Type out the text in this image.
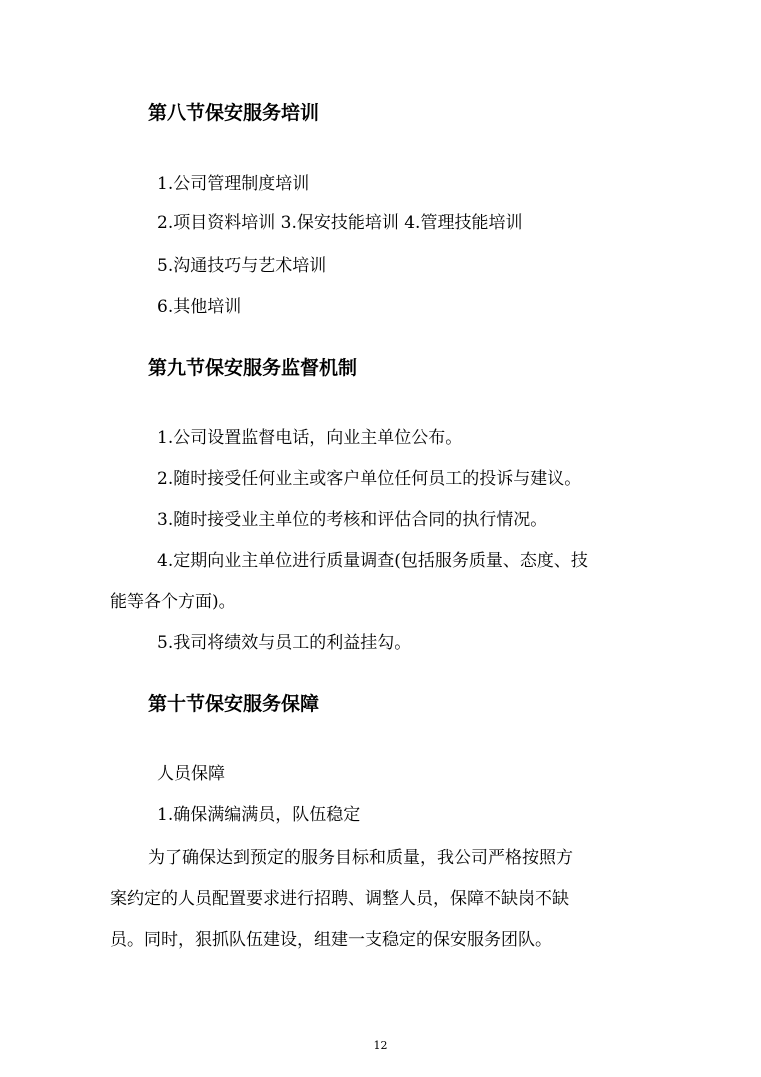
第八节保安服务培训
1.公司管理制度培训
2.项目资料培训 3.保安技能培训 4.管理技能培训
5.沟通技巧与艺术培训
6.其他培训
第九节保安服务监督机制
1.公司设置监督电话，向业主单位公布。
2.随时接受任何业主或客户单位任何员工的投诉与建议。
3.随时接受业主单位的考核和评估合同的执行情况。
4.定期向业主单位进行质量调查(包括服务质量、态度、技
能等各个方面)。
5.我司将绩效与员工的利益挂勾。
第十节保安服务保障
人员保障
1.确保满编满员，队伍稳定
为了确保达到预定的服务目标和质量，我公司严格按照方
案约定的人员配置要求进行招聘、调整人员，保障不缺岗不缺
员。同时，狠抓队伍建设，组建一支稳定的保安服务团队。
12
